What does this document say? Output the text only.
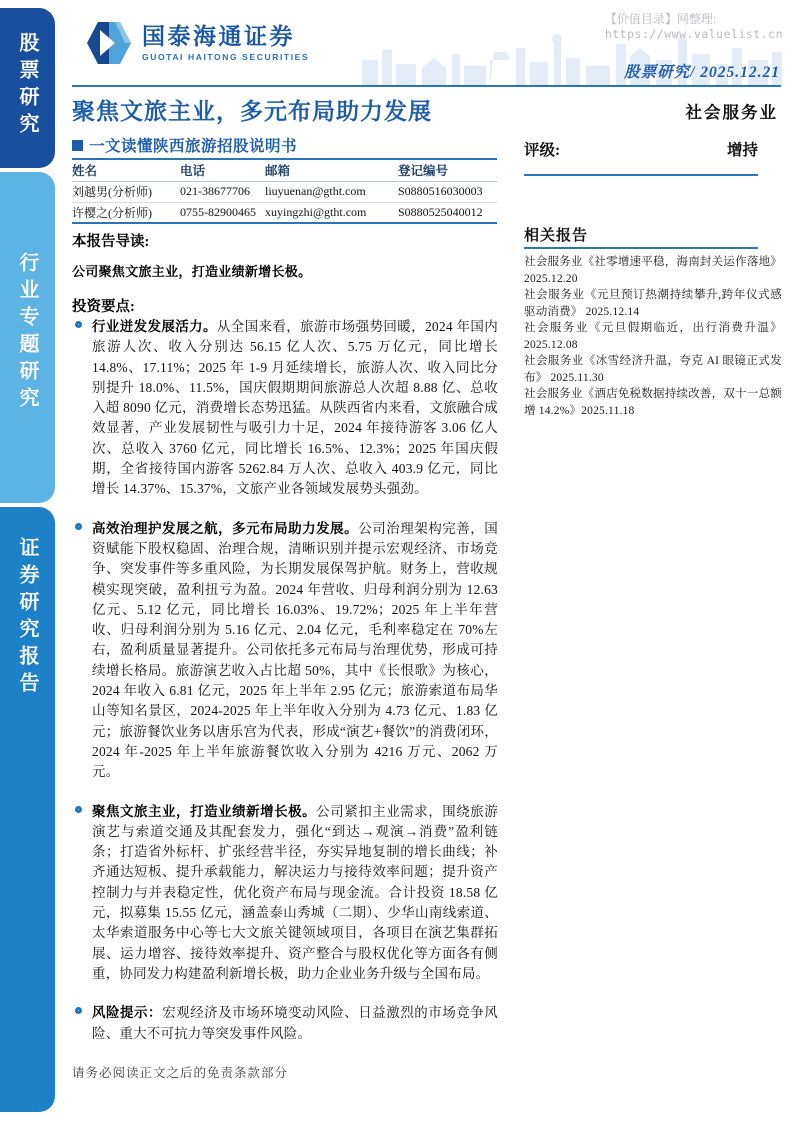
股票研究
行业专题研究
证券研究报告
国泰海通证券
GUOTAI HAITONG SECURITIES
【价值目录】网整理:
https://www.valuelist.cn
股票研究/ 2025.12.21
聚焦文旅主业，多元布局助力发展
一文读懂陕西旅游招股说明书
社会服务业
评级:	增持
姓名	电话	邮箱	登记编号
刘越男(分析师)	021-38677706	liuyuenan@gtht.com	S0880516030003
许樱之(分析师)	0755-82900465	xuyingzhi@gtht.com	S0880525040012
本报告导读:
公司聚焦文旅主业，打造业绩新增长极。
投资要点:

行业迸发发展活力。从全国来看，旅游市场强势回暖，2024 年国内旅游人次、收入分别达 56.15 亿人次、5.75 万亿元，同比增长 14.8%、17.11%；2025 年 1-9 月延续增长，旅游人次、收入同比分别提升 18.0%、11.5%，国庆假期期间旅游总人次超 8.88 亿、总收入超 8090 亿元，消费增长态势迅猛。从陕西省内来看，文旅融合成效显著，产业发展韧性与吸引力十足，2024 年接待游客 3.06 亿人次、总收入 3760 亿元，同比增长 16.5%、12.3%；2025 年国庆假期，全省接待国内游客 5262.84 万人次、总收入 403.9 亿元，同比增长 14.37%、15.37%，文旅产业各领域发展势头强劲。

高效治理护发展之航，多元布局助力发展。公司治理架构完善，国资赋能下股权稳固、治理合规，清晰识别并提示宏观经济、市场竞争、突发事件等多重风险，为长期发展保驾护航。财务上，营收规模实现突破，盈利扭亏为盈。2024 年营收、归母利润分别为 12.63 亿元、5.12 亿元，同比增长 16.03%、19.72%；2025 年上半年营收、归母利润分别为 5.16 亿元、2.04 亿元，毛利率稳定在 70%左右，盈利质量显著提升。公司依托多元布局与治理优势，形成可持续增长格局。旅游演艺收入占比超 50%，其中《长恨歌》为核心，2024 年收入 6.81 亿元，2025 年上半年 2.95 亿元；旅游索道布局华山等知名景区，2024-2025 年上半年收入分别为 4.73 亿元、1.83 亿元；旅游餐饮业务以唐乐宫为代表，形成“演艺+餐饮”的消费闭环，2024 年-2025 年上半年旅游餐饮收入分别为 4216 万元、2062 万元。

聚焦文旅主业，打造业绩新增长极。公司紧扣主业需求，围绕旅游演艺与索道交通及其配套发力，强化“到达→观演→消费”盈利链条；打造省外标杆、扩张经营半径，夯实异地复制的增长曲线；补齐通达短板、提升承载能力，解决运力与接待效率问题；提升资产控制力与并表稳定性，优化资产布局与现金流。合计投资 18.58 亿元，拟募集 15.55 亿元，涵盖泰山秀城（二期）、少华山南线索道、太华索道服务中心等七大文旅关键领域项目，各项目在演艺集群拓展、运力增容、接待效率提升、资产整合与股权优化等方面各有侧重，协同发力构建盈利新增长极，助力企业业务升级与全国布局。

风险提示：宏观经济及市场环境变动风险、日益激烈的市场竞争风险、重大不可抗力等突发事件风险。

相关报告
社会服务业《社零增速平稳，海南封关运作落地》 2025.12.20
社会服务业《元旦预订热潮持续攀升,跨年仪式感驱动消费》 2025.12.14
社会服务业《元旦假期临近，出行消费升温》2025.12.08
社会服务业《冰雪经济升温，夸克 AI 眼镜正式发布》 2025.11.30
社会服务业《酒店免税数据持续改善，双十一总额增 14.2%》2025.11.18
请务必阅读正文之后的免责条款部分
